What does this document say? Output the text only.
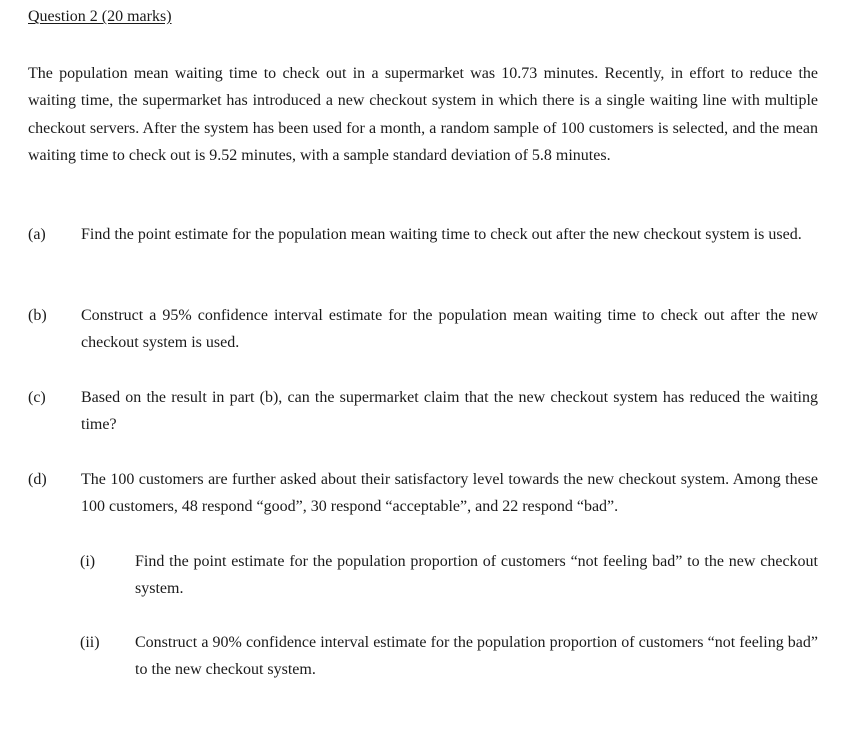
Question 2 (20 marks)

The population mean waiting time to check out in a supermarket was 10.73 minutes. Recently, in effort to reduce the waiting time, the supermarket has introduced a new checkout system in which there is a single waiting line with multiple checkout servers. After the system has been used for a month, a random sample of 100 customers is selected, and the mean waiting time to check out is 9.52 minutes, with a sample standard deviation of 5.8 minutes.

(a) Find the point estimate for the population mean waiting time to check out after the new checkout system is used.

(b) Construct a 95% confidence interval estimate for the population mean waiting time to check out after the new checkout system is used.

(c) Based on the result in part (b), can the supermarket claim that the new checkout system has reduced the waiting time?

(d) The 100 customers are further asked about their satisfactory level towards the new checkout system. Among these 100 customers, 48 respond “good”, 30 respond “acceptable”, and 22 respond “bad”.

(i) Find the point estimate for the population proportion of customers “not feeling bad” to the new checkout system.

(ii) Construct a 90% confidence interval estimate for the population proportion of customers “not feeling bad” to the new checkout system.
